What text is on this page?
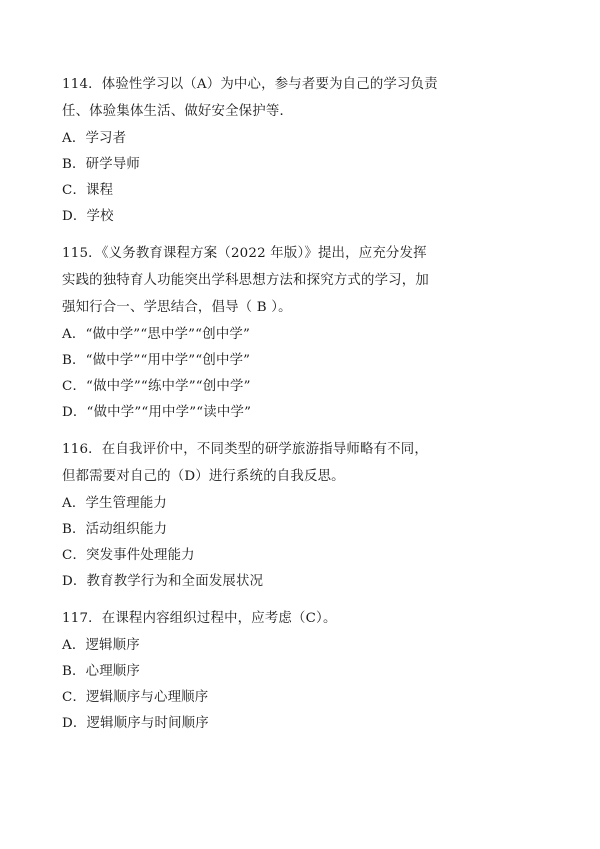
114．体验性学习以（A）为中心，参与者要为自己的学习负责

任、体验集体生活、做好安全保护等．

A．学习者

B．研学导师

C．课程

D．学校

115．《义务教育课程方案（2022 年版）》提出，应充分发挥

实践的独特育人功能突出学科思想方法和探究方式的学习，加

强知行合一、学思结合，倡导（ B ）。

A．“做中学”“思中学”“创中学”

B．“做中学”“用中学”“创中学”

C．“做中学”“练中学”“创中学”

D．“做中学”“用中学”“读中学”

116．在自我评价中，不同类型的研学旅游指导师略有不同，

但都需要对自己的（D）进行系统的自我反思。

A．学生管理能力

B．活动组织能力

C．突发事件处理能力

D．教育教学行为和全面发展状况

117．在课程内容组织过程中，应考虑（C）。

A．逻辑顺序

B．心理顺序

C．逻辑顺序与心理顺序

D．逻辑顺序与时间顺序
